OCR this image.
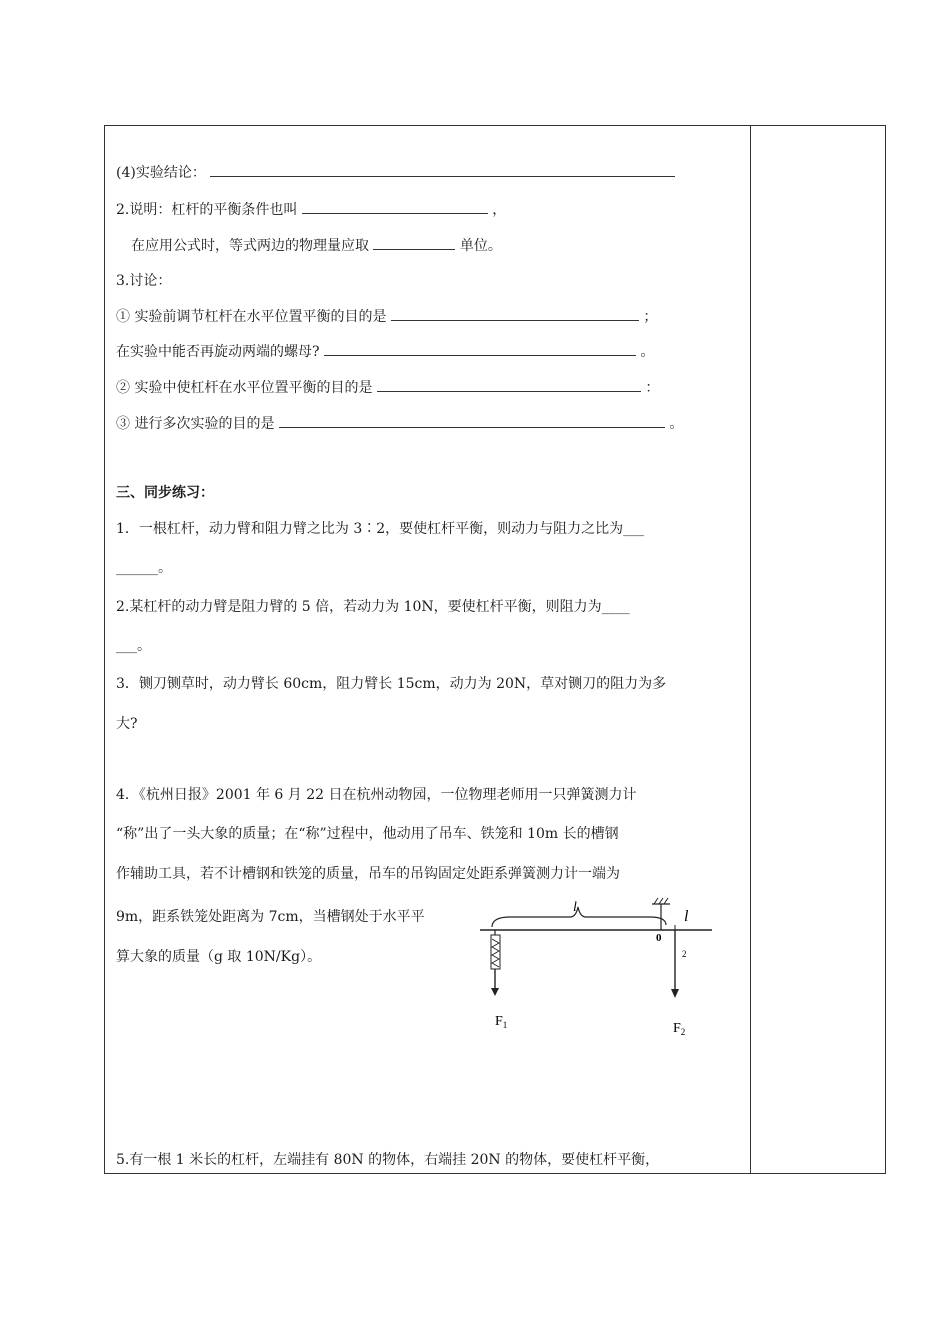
(4)实验结论：
2.说明：杠杆的平衡条件也叫	，
在应用公式时，等式两边的物理量应取	单位。
3.讨论：
① 实验前调节杠杆在水平位置平衡的目的是	；
在实验中能否再旋动两端的螺母?	。
② 实验中使杠杆在水平位置平衡的目的是	：
③ 进行多次实验的目的是	。
三、同步练习：
1．一根杠杆，动力臂和阻力臂之比为 3∶2，要使杠杆平衡，则动力与阻力之比为___
______。
2.某杠杆的动力臂是阻力臂的 5 倍，若动力为 10N，要使杠杆平衡，则阻力为____
___。
3．铡刀铡草时，动力臂长 60cm，阻力臂长 15cm，动力为 20N，草对铡刀的阻力为多
大?
4．《杭州日报》2001 年 6 月 22 日在杭州动物园，一位物理老师用一只弹簧测力计
“称”出了一头大象的质量；在“称”过程中，他动用了吊车、铁笼和 10m 长的槽钢
作辅助工具，若不计槽钢和铁笼的质量，吊车的吊钩固定处距系弹簧测力计一端为
9m，距系铁笼处距离为 7cm，当槽钢处于水平平
算大象的质量（g 取 10N/Kg）。
5.有一根 1 米长的杠杆，左端挂有 80N 的物体，右端挂 20N 的物体，要使杠杆平衡，
l
0
l
2
$F_1$	$F_2$
